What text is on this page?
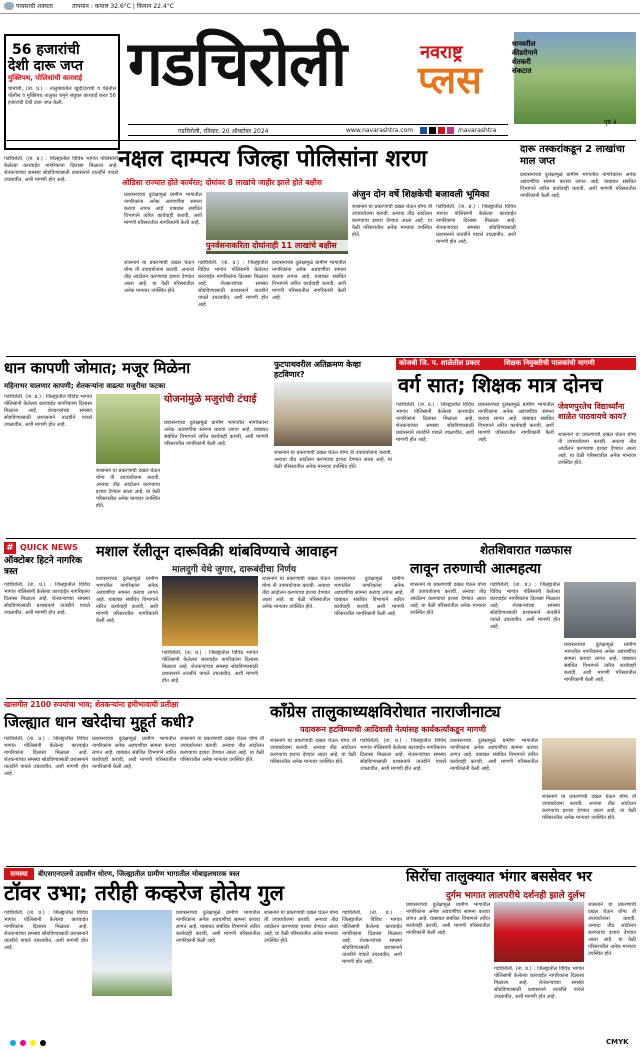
पावसाची शक्यता	तापमान : कमाल 32.6°C | किमान 22.4°C
56 हजारांची
देशी दारू जप्त
मुक्तिपथ, पोलिसांची कारवाई
चामोर्शी, (ता. प्र.) : तालुक्यातील खुर्दी/दराची व पेठेतील पोलीस व मुक्तिपथ तालुका चमूने संयुक्त कारवाई करत 56 हजारांची देशी दारू जप्त केली.
गडचिरोली	नवराष्ट्र
प्लस
धानवरील कीडरोगाने शेतकरी संकटात
पृष्ठ 4
गडचिरोली, रविवार, 20 ऑक्टोबर 2024	www.navarashtra.com	/navarashtra
नक्षल दाम्पत्य जिल्हा पोलिसांना शरण
ओडिसा राज्यात होते कार्यरत; दोघांवर 8 लाखांचे जाहीर झाले होते बक्षीस
गडचिरोली, (ता. प्र.) : जिल्ह्यातील विविध भागांत पोलिसांनी केलेल्या कारवाईत नागरिकांना दिलासा मिळाला आहे. शेतकऱ्यांच्या समस्या सोडविण्यासाठी प्रशासनाने तातडीने पावले उचलावीत, अशी मागणी होत आहे.
प्रशासनाच्या दुर्लक्षामुळे ग्रामीण भागातील नागरिकांना अनेक अडचणींचा सामना करावा लागत आहे. याबाबत संबंधित विभागाने त्वरित कार्यवाही करावी, अशी मागणी परिसरातील नागरिकांनी केली आहे.
पुनर्वसनाकरिता दोघांनाही 11 लाखांचे बक्षीस
शासनाने या प्रकरणाची दखल घेऊन योग्य ती उपाययोजना करावी. अन्यथा तीव्र आंदोलन करण्याचा इशारा देण्यात आला आहे. या वेळी परिसरातील अनेक मान्यवर उपस्थित होते.
गडचिरोली, (ता. प्र.) : जिल्ह्यातील विविध भागांत पोलिसांनी केलेल्या कारवाईत नागरिकांना दिलासा मिळाला आहे. शेतकऱ्यांच्या समस्या सोडविण्यासाठी प्रशासनाने तातडीने पावले उचलावीत, अशी मागणी होत आहे.
प्रशासनाच्या दुर्लक्षामुळे ग्रामीण भागातील नागरिकांना अनेक अडचणींचा सामना करावा लागत आहे. याबाबत संबंधित विभागाने त्वरित कार्यवाही करावी, अशी मागणी परिसरातील नागरिकांनी केली आहे.
अंजुन दोन वर्षे शिक्षकेची बजावली भूमिका
शासनाने या प्रकरणाची दखल घेऊन योग्य ती उपाययोजना करावी. अन्यथा तीव्र आंदोलन करण्याचा इशारा देण्यात आला आहे. या वेळी परिसरातील अनेक मान्यवर उपस्थित होते.
गडचिरोली, (ता. प्र.) : जिल्ह्यातील विविध भागांत पोलिसांनी केलेल्या कारवाईत नागरिकांना दिलासा मिळाला आहे. शेतकऱ्यांच्या समस्या सोडविण्यासाठी प्रशासनाने तातडीने पावले उचलावीत, अशी मागणी होत आहे.
दारू तस्करांकडून 2 लाखांचा माल जप्त
प्रशासनाच्या दुर्लक्षामुळे ग्रामीण भागातील नागरिकांना अनेक अडचणींचा सामना करावा लागत आहे. याबाबत संबंधित विभागाने त्वरित कार्यवाही करावी, अशी मागणी परिसरातील नागरिकांनी केली आहे.
धान कापणी जोमात; मजूर मिळेना
महिनाभर चालणार कापणी; शेतकऱ्यांना वाढत्या मजुरीचा फटका
गडचिरोली, (ता. प्र.) : जिल्ह्यातील विविध भागांत पोलिसांनी केलेल्या कारवाईत नागरिकांना दिलासा मिळाला आहे. शेतकऱ्यांच्या समस्या सोडविण्यासाठी प्रशासनाने तातडीने पावले उचलावीत, अशी मागणी होत आहे.
योजनांमुळे मजुरांची टंचाई
प्रशासनाच्या दुर्लक्षामुळे ग्रामीण भागातील नागरिकांना अनेक अडचणींचा सामना करावा लागत आहे. याबाबत संबंधित विभागाने त्वरित कार्यवाही करावी, अशी मागणी परिसरातील नागरिकांनी केली आहे.
शासनाने या प्रकरणाची दखल घेऊन योग्य ती उपाययोजना करावी. अन्यथा तीव्र आंदोलन करण्याचा इशारा देण्यात आला आहे. या वेळी परिसरातील अनेक मान्यवर उपस्थित होते.
फुटपाथवरील अतिक्रमण केव्हा हटविणार?
शासनाने या प्रकरणाची दखल घेऊन योग्य ती उपाययोजना करावी. अन्यथा तीव्र आंदोलन करण्याचा इशारा देण्यात आला आहे. या वेळी परिसरातील अनेक मान्यवर उपस्थित होते.
कोजबी जि. प. शाळेतील प्रकार	शिक्षक नियुक्तीची पालकांची मागणी
वर्ग सात; शिक्षक मात्र दोनच
गडचिरोली, (ता. प्र.) : जिल्ह्यातील विविध भागांत पोलिसांनी केलेल्या कारवाईत नागरिकांना दिलासा मिळाला आहे. शेतकऱ्यांच्या समस्या सोडविण्यासाठी प्रशासनाने तातडीने पावले उचलावीत, अशी मागणी होत आहे.
प्रशासनाच्या दुर्लक्षामुळे ग्रामीण भागातील नागरिकांना अनेक अडचणींचा सामना करावा लागत आहे. याबाबत संबंधित विभागाने त्वरित कार्यवाही करावी, अशी मागणी परिसरातील नागरिकांनी केली आहे.
जेवणपुरतेच विद्यार्थ्यांना शाळेत पाठवायचे काय?
शासनाने या प्रकरणाची दखल घेऊन योग्य ती उपाययोजना करावी. अन्यथा तीव्र आंदोलन करण्याचा इशारा देण्यात आला आहे. या वेळी परिसरातील अनेक मान्यवर उपस्थित होते.
# QUICK NEWS
ऑक्टोबर हिटने नागरिक त्रस्त
गडचिरोली, (ता. प्र.) : जिल्ह्यातील विविध भागांत पोलिसांनी केलेल्या कारवाईत नागरिकांना दिलासा मिळाला आहे. शेतकऱ्यांच्या समस्या सोडविण्यासाठी प्रशासनाने तातडीने पावले उचलावीत, अशी मागणी होत आहे.
मशाल रॅलीतून दारूविक्री थांबविण्याचे आवाहन
मालदुगी येथे जुगार, दारूबंदीचा निर्णय
प्रशासनाच्या दुर्लक्षामुळे ग्रामीण भागातील नागरिकांना अनेक अडचणींचा सामना करावा लागत आहे. याबाबत संबंधित विभागाने त्वरित कार्यवाही करावी, अशी मागणी परिसरातील नागरिकांनी केली आहे.
शासनाने या प्रकरणाची दखल घेऊन योग्य ती उपाययोजना करावी. अन्यथा तीव्र आंदोलन करण्याचा इशारा देण्यात आला आहे. या वेळी परिसरातील अनेक मान्यवर उपस्थित होते.
गडचिरोली, (ता. प्र.) : जिल्ह्यातील विविध भागांत पोलिसांनी केलेल्या कारवाईत नागरिकांना दिलासा मिळाला आहे. शेतकऱ्यांच्या समस्या सोडविण्यासाठी प्रशासनाने तातडीने पावले उचलावीत, अशी मागणी होत आहे.
प्रशासनाच्या दुर्लक्षामुळे ग्रामीण भागातील नागरिकांना अनेक अडचणींचा सामना करावा लागत आहे. याबाबत संबंधित विभागाने त्वरित कार्यवाही करावी, अशी मागणी परिसरातील नागरिकांनी केली आहे.
शेतशिवारात गळफास
लावून तरुणाची आत्महत्या
शासनाने या प्रकरणाची दखल घेऊन योग्य ती उपाययोजना करावी. अन्यथा तीव्र आंदोलन करण्याचा इशारा देण्यात आला आहे. या वेळी परिसरातील अनेक मान्यवर उपस्थित होते.
गडचिरोली, (ता. प्र.) : जिल्ह्यातील विविध भागांत पोलिसांनी केलेल्या कारवाईत नागरिकांना दिलासा मिळाला आहे. शेतकऱ्यांच्या समस्या सोडविण्यासाठी प्रशासनाने तातडीने पावले उचलावीत, अशी मागणी होत आहे.
प्रशासनाच्या दुर्लक्षामुळे ग्रामीण भागातील नागरिकांना अनेक अडचणींचा सामना करावा लागत आहे. याबाबत संबंधित विभागाने त्वरित कार्यवाही करावी, अशी मागणी परिसरातील नागरिकांनी केली आहे.
खासगीत 2100 रुपयांचा भाव; शेतकऱ्यांना हमीभावाची प्रतीक्षा
जिल्ह्यात धान खरेदीचा मुहूर्त कधी?
गडचिरोली, (ता. प्र.) : जिल्ह्यातील विविध भागांत पोलिसांनी केलेल्या कारवाईत नागरिकांना दिलासा मिळाला आहे. शेतकऱ्यांच्या समस्या सोडविण्यासाठी प्रशासनाने तातडीने पावले उचलावीत, अशी मागणी होत आहे.
प्रशासनाच्या दुर्लक्षामुळे ग्रामीण भागातील नागरिकांना अनेक अडचणींचा सामना करावा लागत आहे. याबाबत संबंधित विभागाने त्वरित कार्यवाही करावी, अशी मागणी परिसरातील नागरिकांनी केली आहे.
शासनाने या प्रकरणाची दखल घेऊन योग्य ती उपाययोजना करावी. अन्यथा तीव्र आंदोलन करण्याचा इशारा देण्यात आला आहे. या वेळी परिसरातील अनेक मान्यवर उपस्थित होते.
काँग्रेस तालुकाध्यक्षविरोधात नाराजीनाट्य
पदावरून हटविण्याची आदिवासी नेत्यांसह कार्यकर्त्यांकडून मागणी
शासनाने या प्रकरणाची दखल घेऊन योग्य ती उपाययोजना करावी. अन्यथा तीव्र आंदोलन करण्याचा इशारा देण्यात आला आहे. या वेळी परिसरातील अनेक मान्यवर उपस्थित होते.
गडचिरोली, (ता. प्र.) : जिल्ह्यातील विविध भागांत पोलिसांनी केलेल्या कारवाईत नागरिकांना दिलासा मिळाला आहे. शेतकऱ्यांच्या समस्या सोडविण्यासाठी प्रशासनाने तातडीने पावले उचलावीत, अशी मागणी होत आहे.
प्रशासनाच्या दुर्लक्षामुळे ग्रामीण भागातील नागरिकांना अनेक अडचणींचा सामना करावा लागत आहे. याबाबत संबंधित विभागाने त्वरित कार्यवाही करावी, अशी मागणी परिसरातील नागरिकांनी केली आहे.
शासनाने या प्रकरणाची दखल घेऊन योग्य ती उपाययोजना करावी. अन्यथा तीव्र आंदोलन करण्याचा इशारा देण्यात आला आहे. या वेळी परिसरातील अनेक मान्यवर उपस्थित होते.
समस्या	बीएसएनएलचे उदासीन धोरण, जिल्ह्यातील ग्रामीण भागातील मोबाइलधारक त्रस्त
टॉवर उभा; तरीही कव्हरेज होतेय गुल
गडचिरोली, (ता. प्र.) : जिल्ह्यातील विविध भागांत पोलिसांनी केलेल्या कारवाईत नागरिकांना दिलासा मिळाला आहे. शेतकऱ्यांच्या समस्या सोडविण्यासाठी प्रशासनाने तातडीने पावले उचलावीत, अशी मागणी होत आहे.
प्रशासनाच्या दुर्लक्षामुळे ग्रामीण भागातील नागरिकांना अनेक अडचणींचा सामना करावा लागत आहे. याबाबत संबंधित विभागाने त्वरित कार्यवाही करावी, अशी मागणी परिसरातील नागरिकांनी केली आहे.
शासनाने या प्रकरणाची दखल घेऊन योग्य ती उपाययोजना करावी. अन्यथा तीव्र आंदोलन करण्याचा इशारा देण्यात आला आहे. या वेळी परिसरातील अनेक मान्यवर उपस्थित होते.
गडचिरोली, (ता. प्र.) : जिल्ह्यातील विविध भागांत पोलिसांनी केलेल्या कारवाईत नागरिकांना दिलासा मिळाला आहे. शेतकऱ्यांच्या समस्या सोडविण्यासाठी प्रशासनाने तातडीने पावले उचलावीत, अशी मागणी होत आहे.
सिरोंचा तालुक्यात भंगार बससेवर भर
दुर्गम भागात लालपरीचे दर्शनही झाले दुर्लभ
प्रशासनाच्या दुर्लक्षामुळे ग्रामीण भागातील नागरिकांना अनेक अडचणींचा सामना करावा लागत आहे. याबाबत संबंधित विभागाने त्वरित कार्यवाही करावी, अशी मागणी परिसरातील नागरिकांनी केली आहे.
शासनाने या प्रकरणाची दखल घेऊन योग्य ती उपाययोजना करावी. अन्यथा तीव्र आंदोलन करण्याचा इशारा देण्यात आला आहे. या वेळी परिसरातील अनेक मान्यवर उपस्थित होते.
गडचिरोली, (ता. प्र.) : जिल्ह्यातील विविध भागांत पोलिसांनी केलेल्या कारवाईत नागरिकांना दिलासा मिळाला आहे. शेतकऱ्यांच्या समस्या सोडविण्यासाठी प्रशासनाने तातडीने पावले उचलावीत, अशी मागणी होत आहे.
CMYK
